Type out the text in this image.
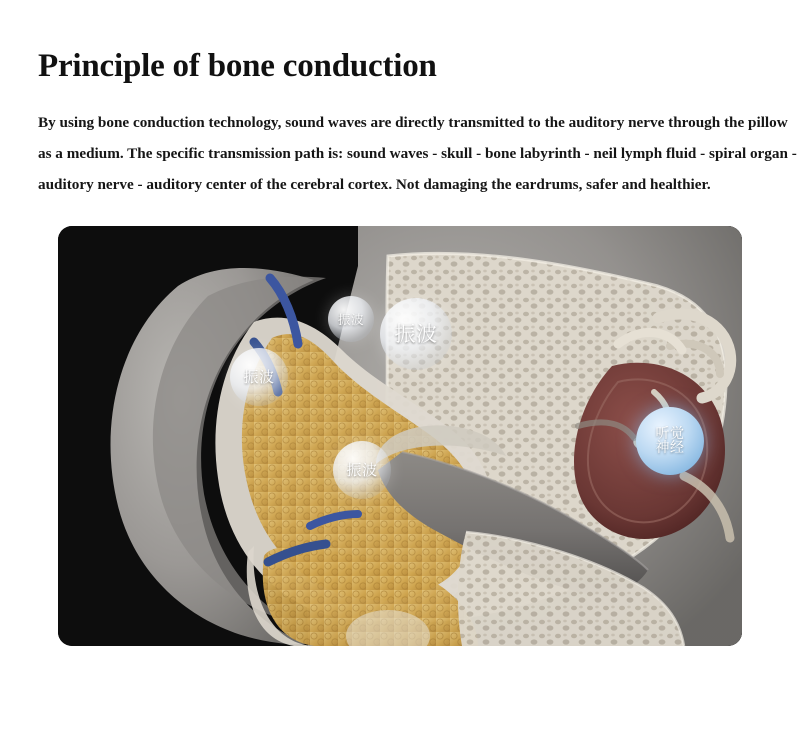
Principle of bone conduction

By using bone conduction technology, sound waves are directly transmitted to the auditory nerve through the pillow as a medium. The specific transmission path is: sound waves - skull - bone labyrinth - neil lymph fluid - spiral organ - auditory nerve - auditory center of the cerebral cortex. Not damaging the eardrums, safer and healthier.

振波
振波
振波
振波
听觉
神经
